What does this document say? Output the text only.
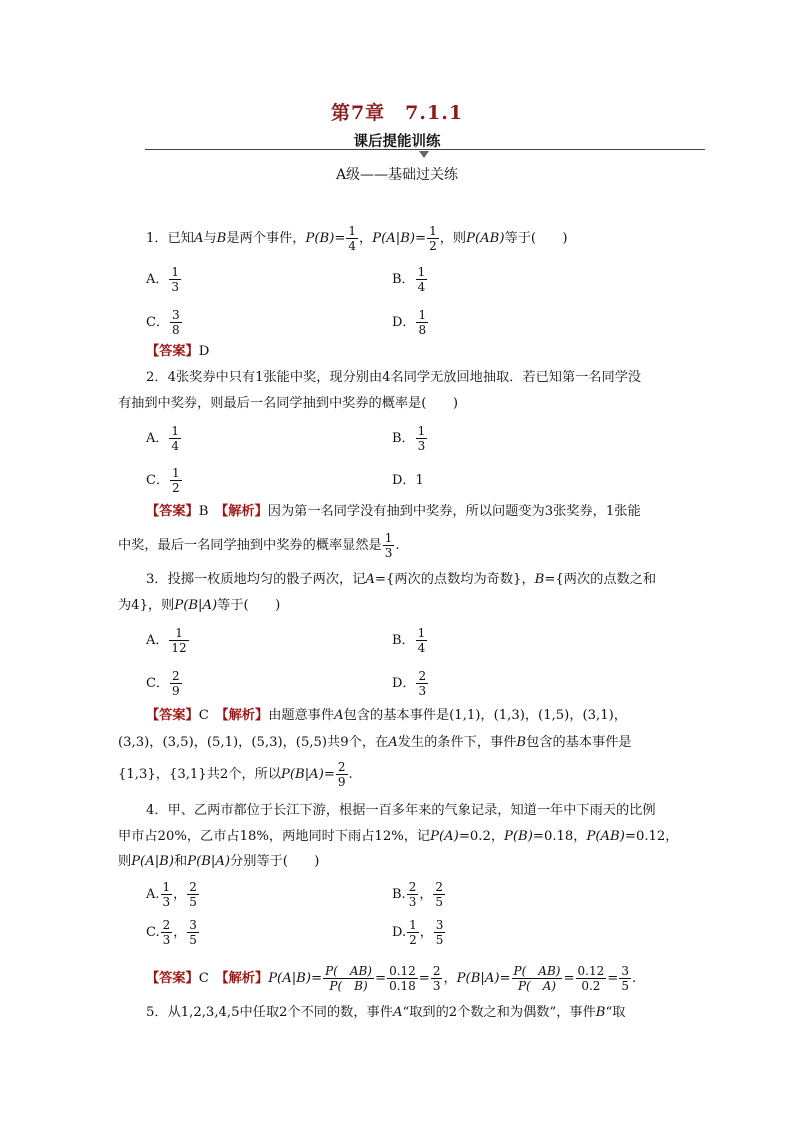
第7章　7.1.1
课后提能训练
A级——基础过关练
1．已知A与B是两个事件，$P(B)= \frac{1}{4}$ ，$P(A|B)= \frac{1}{2}$ ，则P(AB)等于(　　)
A． $\frac{1}{3}$	B． $\frac{1}{4}$
C． $\frac{3}{8}$	D． $\frac{1}{8}$
【答案】D
2．4张奖券中只有1张能中奖，现分别由4名同学无放回地抽取．若已知第一名同学没
有抽到中奖券，则最后一名同学抽到中奖券的概率是(　　)
A． $\frac{1}{4}$	B． $\frac{1}{3}$
C． $\frac{1}{2}$	D．1
【答案】B　 【解析】因为第一名同学没有抽到中奖券，所以问题变为3张奖券，1张能
中奖，最后一名同学抽到中奖券的概率显然是 $\frac{1}{3}$ .
3．投掷一枚质地均匀的骰子两次，记A={两次的点数均为奇数}，B={两次的点数之和
为4}，则P(B|A)等于(　　)
A． $\frac{1}{12}$	B． $\frac{1}{4}$
C． $\frac{2}{9}$	D． $\frac{2}{3}$
【答案】C　 【解析】由题意事件A包含的基本事件是(1,1)，(1,3)，(1,5)，(3,1)，
(3,3)，(3,5)，(5,1)，(5,3)，(5,5)共9个，在A发生的条件下，事件B包含的基本事件是
{1,3}，{3,1}共2个，所以$P(B|A)= \frac{2}{9}$ .
4．甲、乙两市都位于长江下游，根据一百多年来的气象记录，知道一年中下雨天的比例
甲市占20%，乙市占18%，两地同时下雨占12%，记P(A)=0.2，P(B)=0.18，P(AB)=0.12，
则P(A|B)和P(B|A)分别等于(　　)
A. $\frac{1}{3}$ ， $\frac{2}{5}$	B. $\frac{2}{3}$ ， $\frac{2}{5}$
C. $\frac{2}{3}$ ， $\frac{3}{5}$	D. $\frac{1}{2}$ ， $\frac{3}{5}$
【答案】C　 【解析】$P(A|B)= \frac{P( AB)}{P( B)} = \frac{0.12}{0.18} = \frac{2}{3}$ ，$P(B|A)= \frac{P( AB)}{P( A)} = \frac{0.12}{0.2} = \frac{3}{5}$ .
5．从1,2,3,4,5中任取2个不同的数，事件A“取到的2个数之和为偶数”，事件B“取
